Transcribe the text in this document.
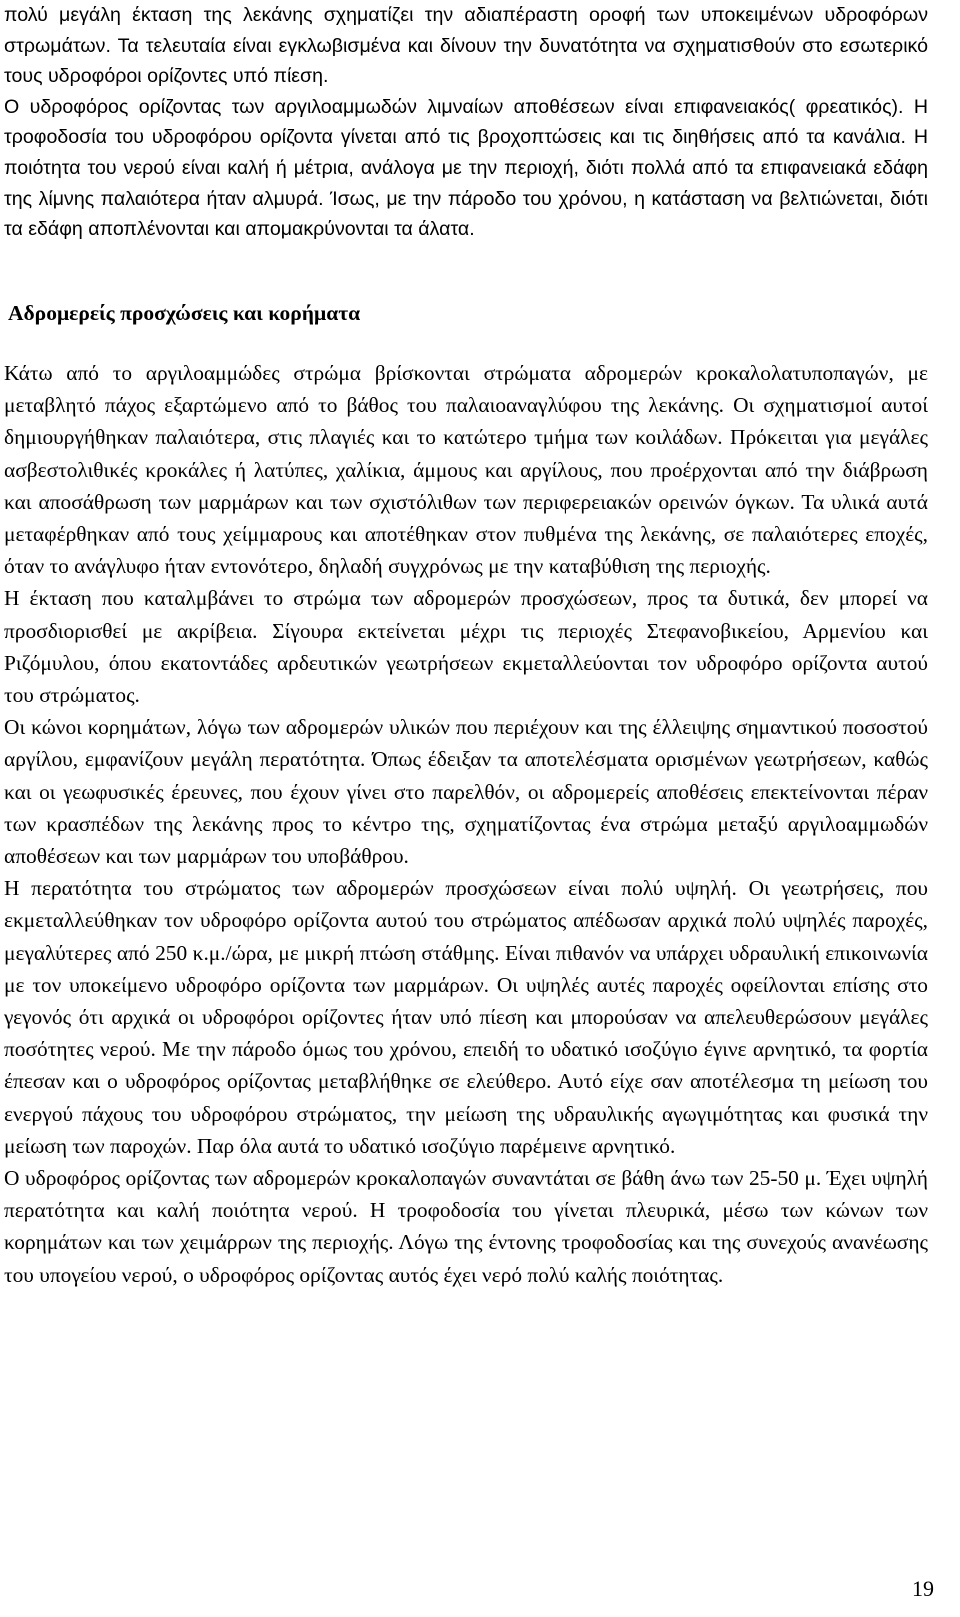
πολύ μεγάλη έκταση της λεκάνης σχηματίζει την αδιαπέραστη οροφή των υποκειμένων υδροφόρων στρωμάτων. Τα τελευταία είναι εγκλωβισμένα και δίνουν την δυνατότητα να σχηματισθούν στο εσωτερικό τους υδροφόροι ορίζοντες υπό πίεση.

Ο υδροφόρος ορίζοντας των αργιλοαμμωδών λιμναίων αποθέσεων είναι επιφανειακός( φρεατικός). Η τροφοδοσία του υδροφόρου ορίζοντα γίνεται από τις βροχοπτώσεις και τις διηθήσεις από τα κανάλια. Η ποιότητα του νερού είναι καλή ή μέτρια, ανάλογα με την περιοχή, διότι πολλά από τα επιφανειακά εδάφη της λίμνης παλαιότερα ήταν αλμυρά. Ίσως, με την πάροδο του χρόνου, η κατάσταση να βελτιώνεται, διότι τα εδάφη αποπλένονται και απομακρύνονται τα άλατα.

Αδρομερείς προσχώσεις και κορήματα

Κάτω από το αργιλοαμμώδες στρώμα βρίσκονται στρώματα αδρομερών κροκαλολατυποπαγών, με μεταβλητό πάχος εξαρτώμενο από το βάθος του παλαιοαναγλύφου της λεκάνης. Οι σχηματισμοί αυτοί δημιουργήθηκαν παλαιότερα, στις πλαγιές και το κατώτερο τμήμα των κοιλάδων. Πρόκειται για μεγάλες ασβεστολιθικές κροκάλες ή λατύπες, χαλίκια, άμμους και αργίλους, που προέρχονται από την διάβρωση και αποσάθρωση των μαρμάρων και των σχιστόλιθων των περιφερειακών ορεινών όγκων. Τα υλικά αυτά μεταφέρθηκαν από τους χείμμαρους και αποτέθηκαν στον πυθμένα της λεκάνης, σε παλαιότερες εποχές, όταν το ανάγλυφο ήταν εντονότερο, δηλαδή συγχρόνως με την καταβύθιση της περιοχής.

Η έκταση που καταλμβάνει το στρώμα των αδρομερών προσχώσεων, προς τα δυτικά, δεν μπορεί να προσδιορισθεί με ακρίβεια. Σίγουρα εκτείνεται μέχρι τις περιοχές Στεφανοβικείου, Αρμενίου και Ριζόμυλου, όπου εκατοντάδες αρδευτικών γεωτρήσεων εκμεταλλεύονται τον υδροφόρο ορίζοντα αυτού του στρώματος.

Οι κώνοι κορημάτων, λόγω των αδρομερών υλικών που περιέχουν και της έλλειψης σημαντικού ποσοστού αργίλου, εμφανίζουν μεγάλη περατότητα. Όπως έδειξαν τα αποτελέσματα ορισμένων γεωτρήσεων, καθώς και οι γεωφυσικές έρευνες, που έχουν γίνει στο παρελθόν, οι αδρομερείς αποθέσεις επεκτείνονται πέραν των κρασπέδων της λεκάνης προς το κέντρο της, σχηματίζοντας ένα στρώμα μεταξύ αργιλοαμμωδών αποθέσεων και των μαρμάρων του υποβάθρου.

Η περατότητα του στρώματος των αδρομερών προσχώσεων είναι πολύ υψηλή. Οι γεωτρήσεις, που εκμεταλλεύθηκαν τον υδροφόρο ορίζοντα αυτού του στρώματος απέδωσαν αρχικά πολύ υψηλές παροχές, μεγαλύτερες από 250 κ.μ./ώρα, με μικρή πτώση στάθμης. Είναι πιθανόν να υπάρχει υδραυλική επικοινωνία με τον υποκείμενο υδροφόρο ορίζοντα των μαρμάρων. Οι υψηλές αυτές παροχές οφείλονται επίσης στο γεγονός ότι αρχικά οι υδροφόροι ορίζοντες ήταν υπό πίεση και μπορούσαν να απελευθερώσουν μεγάλες ποσότητες νερού. Με την πάροδο όμως του χρόνου, επειδή το υδατικό ισοζύγιο έγινε αρνητικό, τα φορτία έπεσαν και ο υδροφόρος ορίζοντας μεταβλήθηκε σε ελεύθερο. Αυτό είχε σαν αποτέλεσμα τη μείωση του ενεργού πάχους του υδροφόρου στρώματος, την μείωση της υδραυλικής αγωγιμότητας και φυσικά την μείωση των παροχών. Παρ όλα αυτά το υδατικό ισοζύγιο παρέμεινε αρνητικό.

Ο υδροφόρος ορίζοντας των αδρομερών κροκαλοπαγών συναντάται σε βάθη άνω των 25-50 μ. Έχει υψηλή περατότητα και καλή ποιότητα νερού. Η τροφοδοσία του γίνεται πλευρικά, μέσω των κώνων των κορημάτων και των χειμάρρων της περιοχής. Λόγω της έντονης τροφοδοσίας και της συνεχούς ανανέωσης του υπογείου νερού, ο υδροφόρος ορίζοντας αυτός έχει νερό πολύ καλής ποιότητας.

19
